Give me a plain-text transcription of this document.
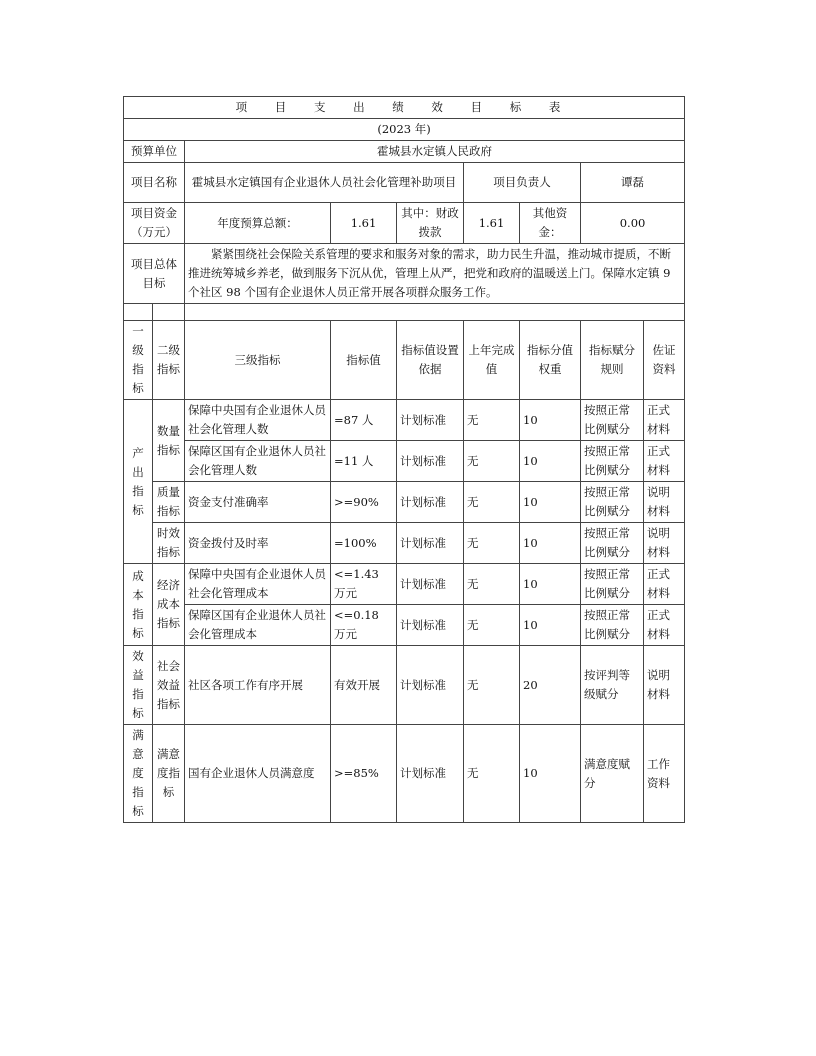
项 目 支 出 绩 效 目 标 表								
(2023 年)								
预算单位		霍城县水定镇人民政府						
项目名称		霍城县水定镇国有企业退休人员社会化管理补助项目			项目负责人		谭磊	
项目资金（万元）		年度预算总额：	1.61	其中：财政拨款	1.61	其他资金：	0.00	
项目总体目标		紧紧围绕社会保险关系管理的要求和服务对象的需求，助力民生升温，推动城市提质，不断推进统筹城乡养老，做到服务下沉从优，管理上从严，把党和政府的温暖送上门。保障水定镇 9 个社区 98 个国有企业退休人员正常开展各项群众服务工作。						

一级指标	二级指标	三级指标	指标值	指标值设置依据	上年完成值	指标分值权重	指标赋分规则	佐证资料
产出指标	数量指标	保障中央国有企业退休人员社会化管理人数	=87 人	计划标准	无	10	按照正常比例赋分	正式材料
		保障区国有企业退休人员社会化管理人数	=11 人	计划标准	无	10	按照正常比例赋分	正式材料
	质量指标	资金支付准确率	>=90%	计划标准	无	10	按照正常比例赋分	说明材料
	时效指标	资金拨付及时率	=100%	计划标准	无	10	按照正常比例赋分	说明材料
成本指标	经济成本指标	保障中央国有企业退休人员社会化管理成本	<=1.43 万元	计划标准	无	10	按照正常比例赋分	正式材料
		保障区国有企业退休人员社会化管理成本	<=0.18 万元	计划标准	无	10	按照正常比例赋分	正式材料
效益指标	社会效益指标	社区各项工作有序开展	有效开展	计划标准	无	20	按评判等级赋分	说明材料
满意度指标	满意度指标	国有企业退休人员满意度	>=85%	计划标准	无	10	满意度赋分	工作资料
